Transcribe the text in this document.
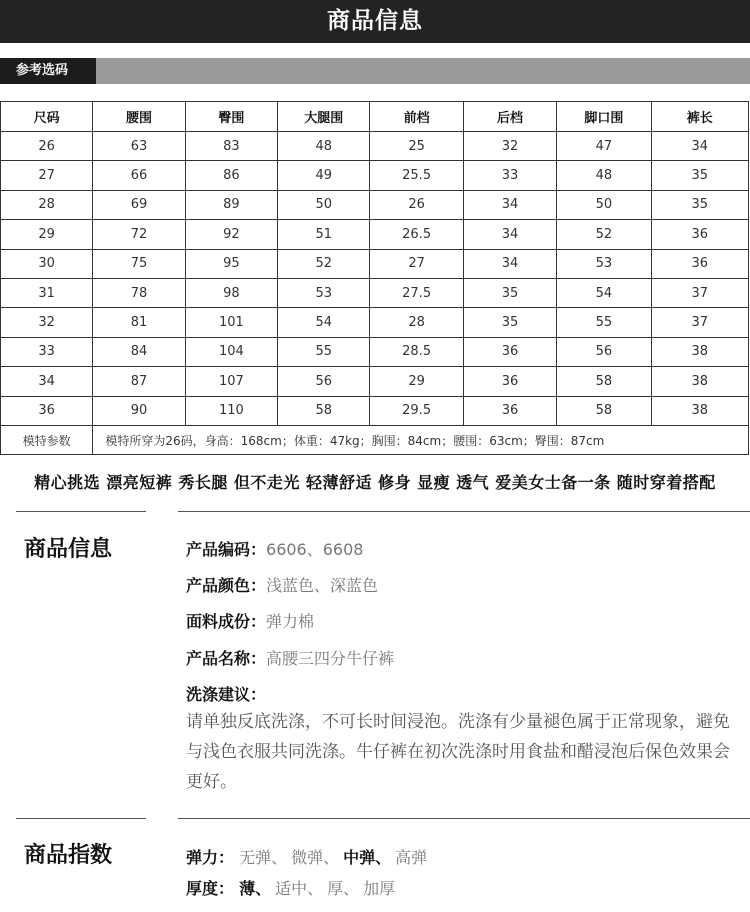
商品信息
参考选码
尺码	腰围	臀围	大腿围	前档	后档	脚口围	裤长
26	63	83	48	25	32	47	34
27	66	86	49	25.5	33	48	35
28	69	89	50	26	34	50	35
29	72	92	51	26.5	34	52	36
30	75	95	52	27	34	53	36
31	78	98	53	27.5	35	54	37
32	81	101	54	28	35	55	37
33	84	104	55	28.5	36	56	38
34	87	107	56	29	36	58	38
36	90	110	58	29.5	36	58	38
模特参数	模特所穿为26码，身高：168cm；体重：47kg；胸围：84cm；腰围：63cm；臀围：87cm						
精心挑选 漂亮短裤 秀长腿 但不走光 轻薄舒适 修身 显瘦 透气 爱美女士备一条 随时穿着搭配
商品信息	产品编码：6606、6608
产品颜色：浅蓝色、深蓝色
面料成份：弹力棉
产品名称：高腰三四分牛仔裤
洗涤建议：
请单独反底洗涤，不可长时间浸泡。洗涤有少量褪色属于正常现象，避免与浅色衣服共同洗涤。牛仔裤在初次洗涤时用食盐和醋浸泡后保色效果会更好。
商品指数	弹力： 无弹、 微弹、 中弹、 高弹
厚度： 薄、 适中、 厚、 加厚
